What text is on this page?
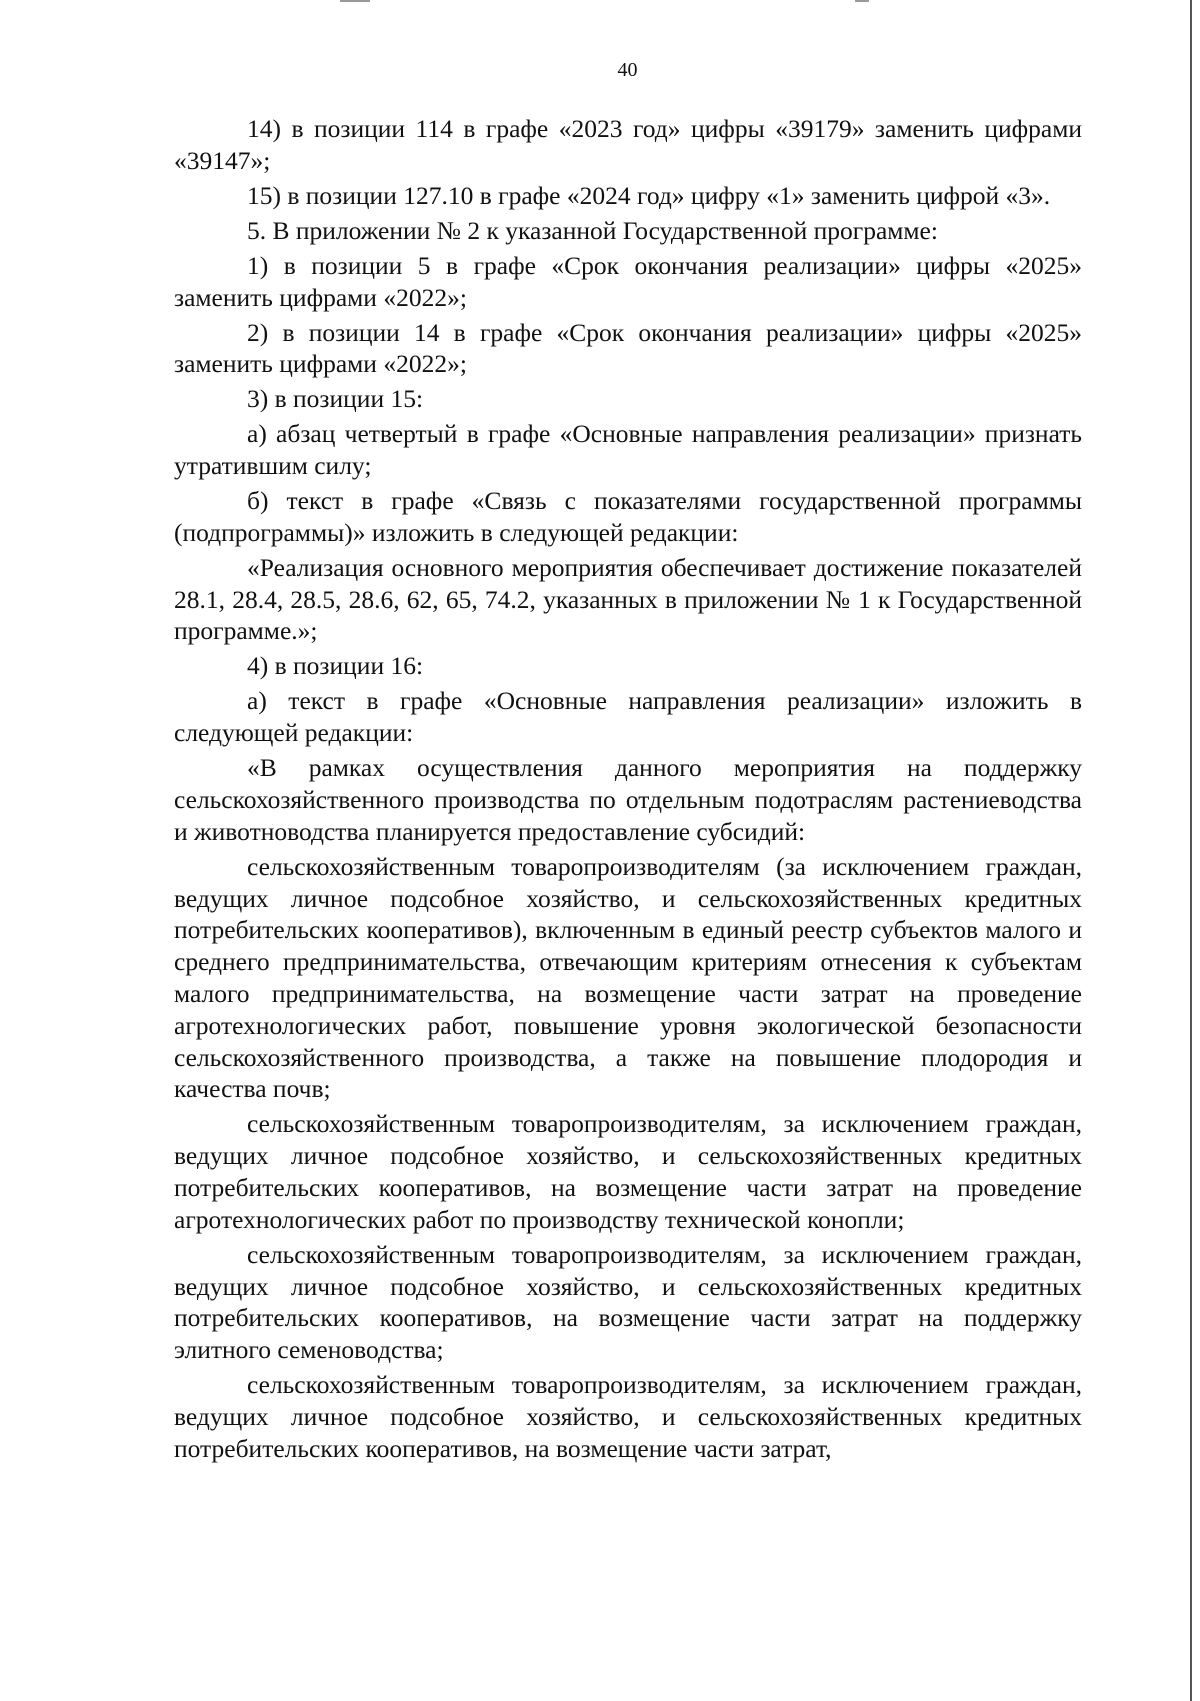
40

14) в позиции 114 в графе «2023 год» цифры «39179» заменить цифрами «39147»;

15) в позиции 127.10 в графе «2024 год» цифру «1» заменить цифрой «3».

5. В приложении № 2 к указанной Государственной программе:

1) в позиции 5 в графе «Срок окончания реализации» цифры «2025» заменить цифрами «2022»;

2) в позиции 14 в графе «Срок окончания реализации» цифры «2025» заменить цифрами «2022»;

3) в позиции 15:

а) абзац четвертый в графе «Основные направления реализации» признать утратившим силу;

б) текст в графе «Связь с показателями государственной программы (подпрограммы)» изложить в следующей редакции:

«Реализация основного мероприятия обеспечивает достижение показателей 28.1, 28.4, 28.5, 28.6, 62, 65, 74.2, указанных в приложении № 1 к Государственной программе.»;

4) в позиции 16:

а) текст в графе «Основные направления реализации» изложить в следующей редакции:

«В рамках осуществления данного мероприятия на поддержку сельскохозяйственного производства по отдельным подотраслям растениеводства и животноводства планируется предоставление субсидий:

сельскохозяйственным товаропроизводителям (за исключением граждан, ведущих личное подсобное хозяйство, и сельскохозяйственных кредитных потребительских кооперативов), включенным в единый реестр субъектов малого и среднего предпринимательства, отвечающим критериям отнесения к субъектам малого предпринимательства, на возмещение части затрат на проведение агротехнологических работ, повышение уровня экологической безопасности сельскохозяйственного производства, а также на повышение плодородия и качества почв;

сельскохозяйственным товаропроизводителям, за исключением граждан, ведущих личное подсобное хозяйство, и сельскохозяйственных кредитных потребительских кооперативов, на возмещение части затрат на проведение агротехнологических работ по производству технической конопли;

сельскохозяйственным товаропроизводителям, за исключением граждан, ведущих личное подсобное хозяйство, и сельскохозяйственных кредитных потребительских кооперативов, на возмещение части затрат на поддержку элитного семеноводства;

сельскохозяйственным товаропроизводителям, за исключением граждан, ведущих личное подсобное хозяйство, и сельскохозяйственных кредитных потребительских кооперативов, на возмещение части затрат,
